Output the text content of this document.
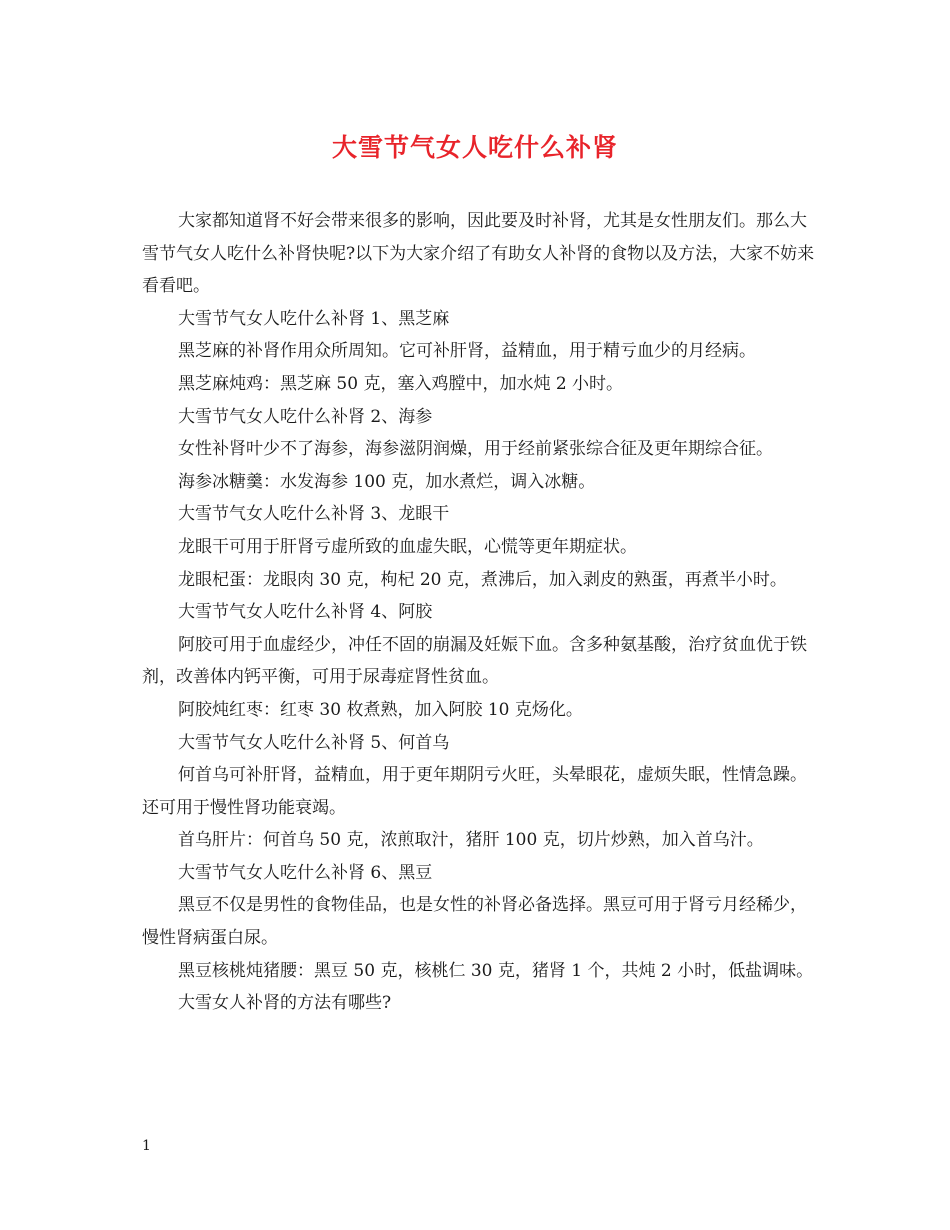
大雪节气女人吃什么补肾

大家都知道肾不好会带来很多的影响，因此要及时补肾，尤其是女性朋友们。那么大雪节气女人吃什么补肾快呢?以下为大家介绍了有助女人补肾的食物以及方法，大家不妨来看看吧。

大雪节气女人吃什么补肾 1、黑芝麻

黑芝麻的补肾作用众所周知。它可补肝肾，益精血，用于精亏血少的月经病。

黑芝麻炖鸡：黑芝麻 50 克，塞入鸡膛中，加水炖 2 小时。

大雪节气女人吃什么补肾 2、海参

女性补肾叶少不了海参，海参滋阴润燥，用于经前紧张综合征及更年期综合征。

海参冰糖羹：水发海参 100 克，加水煮烂，调入冰糖。

大雪节气女人吃什么补肾 3、龙眼干

龙眼干可用于肝肾亏虚所致的血虚失眠，心慌等更年期症状。

龙眼杞蛋：龙眼肉 30 克，枸杞 20 克，煮沸后，加入剥皮的熟蛋，再煮半小时。

大雪节气女人吃什么补肾 4、阿胶

阿胶可用于血虚经少，冲任不固的崩漏及妊娠下血。含多种氨基酸，治疗贫血优于铁剂，改善体内钙平衡，可用于尿毒症肾性贫血。

阿胶炖红枣：红枣 30 枚煮熟，加入阿胶 10 克炀化。

大雪节气女人吃什么补肾 5、何首乌

何首乌可补肝肾，益精血，用于更年期阴亏火旺，头晕眼花，虚烦失眠，性情急躁。还可用于慢性肾功能衰竭。

首乌肝片：何首乌 50 克，浓煎取汁，猪肝 100 克，切片炒熟，加入首乌汁。

大雪节气女人吃什么补肾 6、黑豆

黑豆不仅是男性的食物佳品，也是女性的补肾必备选择。黑豆可用于肾亏月经稀少，慢性肾病蛋白尿。

黑豆核桃炖猪腰：黑豆 50 克，核桃仁 30 克，猪肾 1 个，共炖 2 小时，低盐调味。

大雪女人补肾的方法有哪些?

1
